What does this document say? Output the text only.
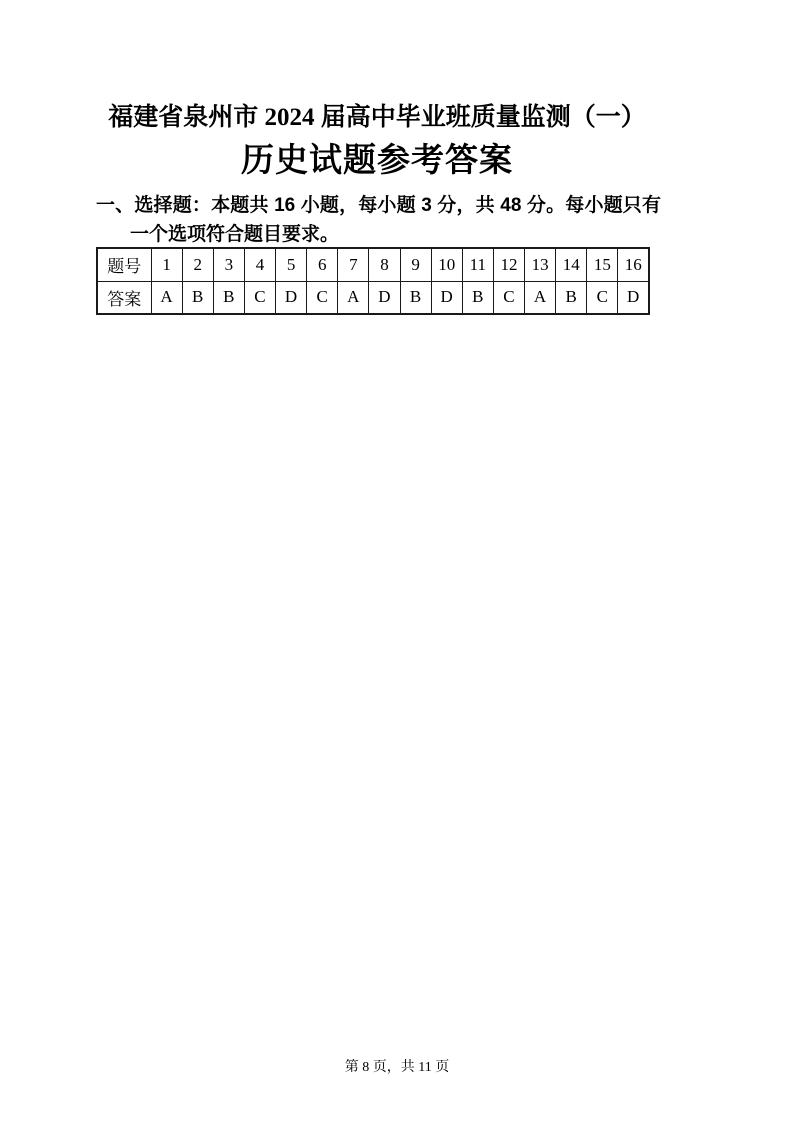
福建省泉州市 2024 届高中毕业班质量监测（一）
历史试题参考答案
一、选择题：本题共 16 小题，每小题 3 分，共 48 分。每小题只有一个选项符合题目要求。
题号	1	2	3	4	5	6	7	8	9	10	11	12	13	14	15	16
答案	A	B	B	C	D	C	A	D	B	D	B	C	A	B	C	D
第 8 页，共 11 页
